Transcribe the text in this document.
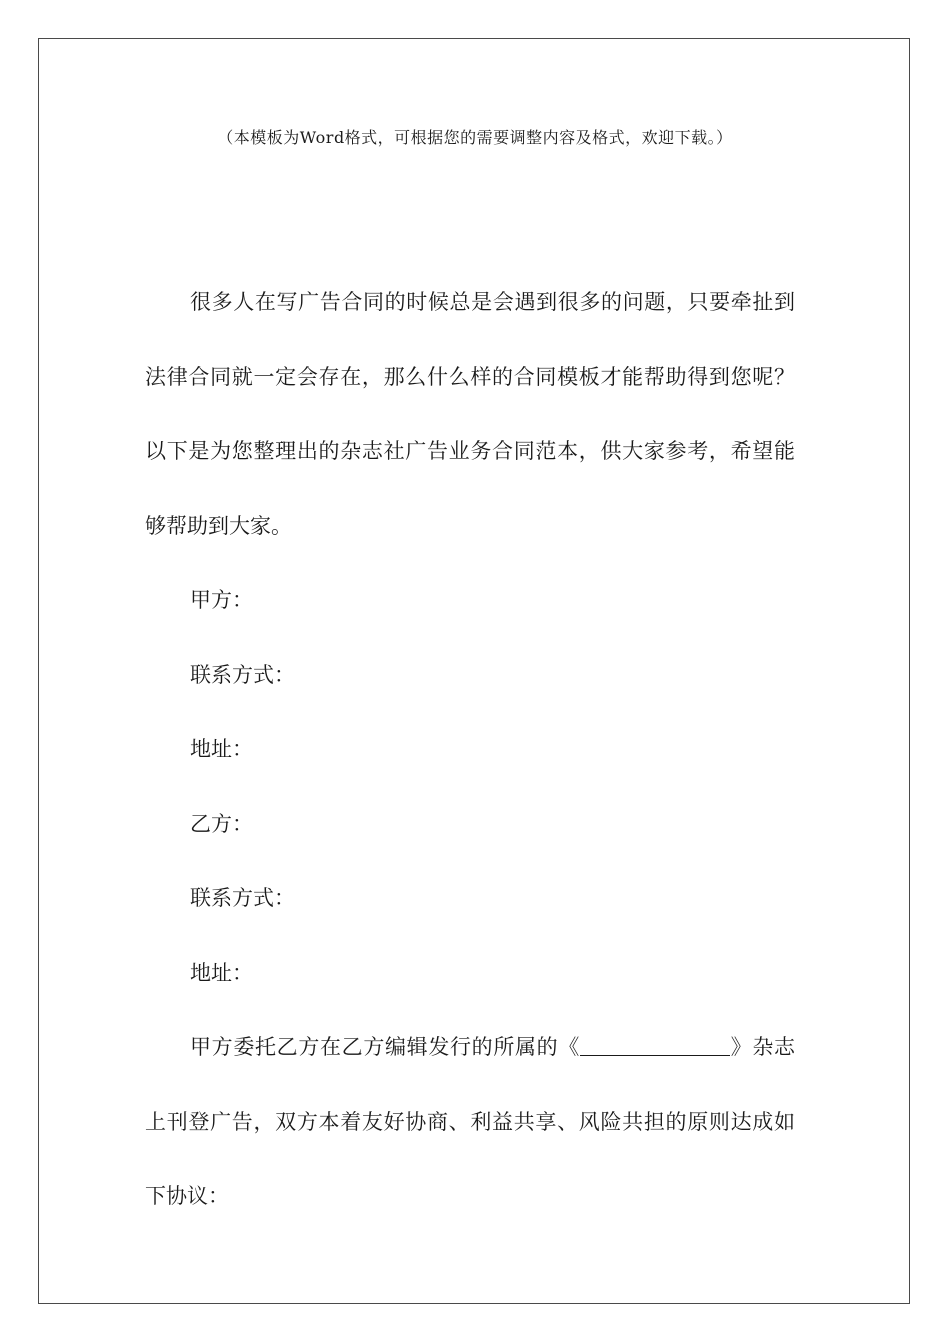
（本模板为Word格式，可根据您的需要调整内容及格式，欢迎下载。）

很多人在写广告合同的时候总是会遇到很多的问题，只要牵扯到法律合同就一定会存在，那么什么样的合同模板才能帮助得到您呢？以下是为您整理出的杂志社广告业务合同范本，供大家参考，希望能够帮助到大家。

甲方：

联系方式：

地址：

乙方：

联系方式：

地址：

甲方委托乙方在乙方编辑发行的所属的《	》杂志上刊登广告，双方本着友好协商、利益共享、风险共担的原则达成如下协议：
